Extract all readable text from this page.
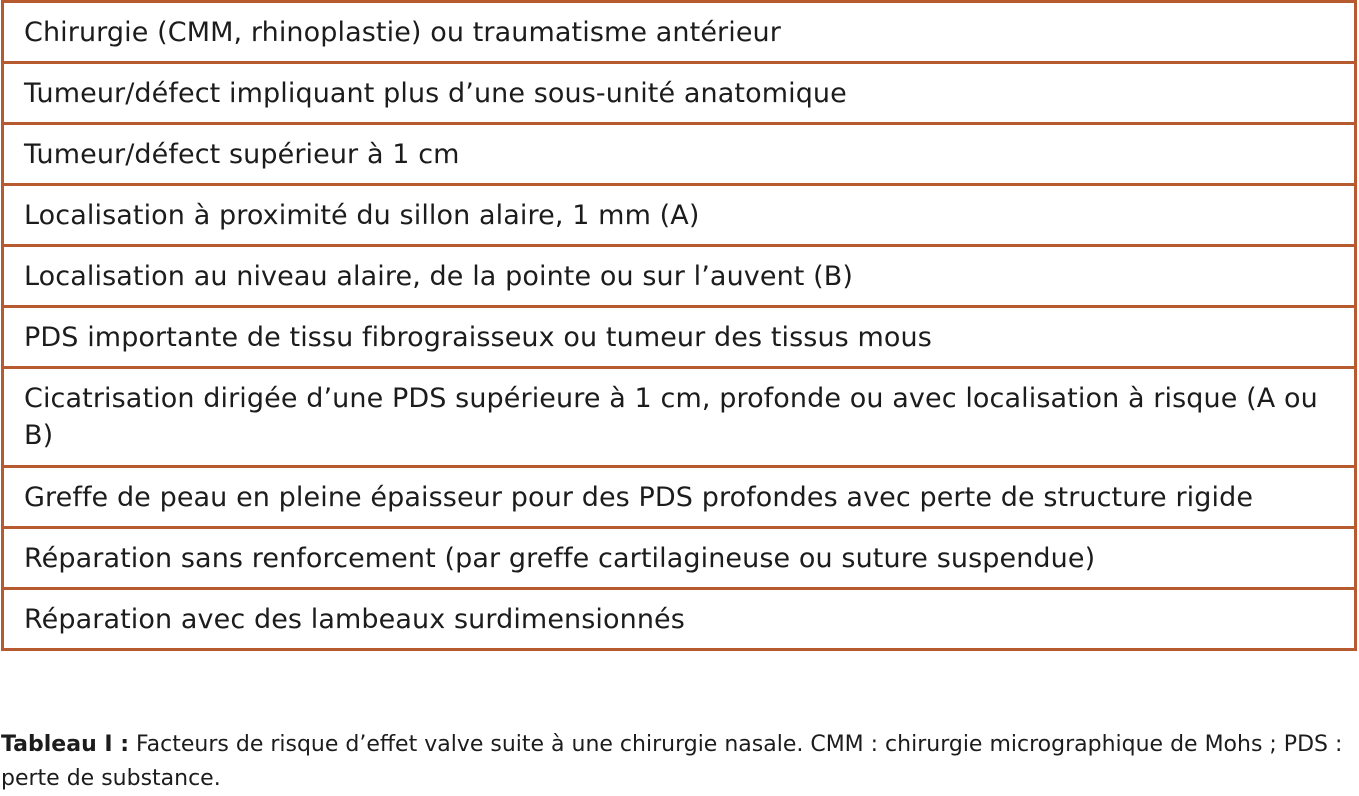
Chirurgie (CMM, rhinoplastie) ou traumatisme antérieur
Tumeur/défect impliquant plus d’une sous-unité anatomique
Tumeur/défect supérieur à 1 cm
Localisation à proximité du sillon alaire, 1 mm (A)
Localisation au niveau alaire, de la pointe ou sur l’auvent (B)
PDS importante de tissu fibrograisseux ou tumeur des tissus mous
Cicatrisation dirigée d’une PDS supérieure à 1 cm, profonde ou avec localisation à risque (A ou B)
Greffe de peau en pleine épaisseur pour des PDS profondes avec perte de structure rigide
Réparation sans renforcement (par greffe cartilagineuse ou suture suspendue)
Réparation avec des lambeaux surdimensionnés
Tableau I : Facteurs de risque d’effet valve suite à une chirurgie nasale. CMM : chirurgie micrographique de Mohs ; PDS : perte de substance.
